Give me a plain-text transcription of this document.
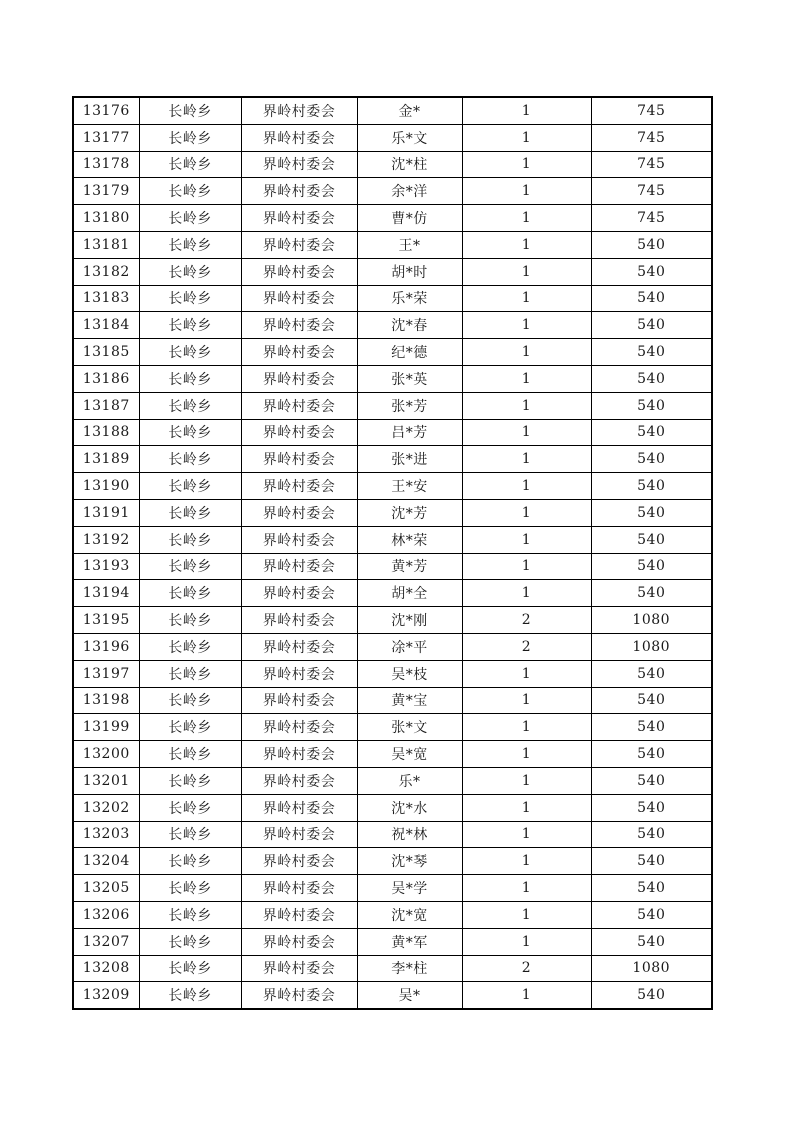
13176	长岭乡	界岭村委会	金*	1	745
13177	长岭乡	界岭村委会	乐*文	1	745
13178	长岭乡	界岭村委会	沈*柱	1	745
13179	长岭乡	界岭村委会	余*洋	1	745
13180	长岭乡	界岭村委会	曹*仿	1	745
13181	长岭乡	界岭村委会	王*	1	540
13182	长岭乡	界岭村委会	胡*时	1	540
13183	长岭乡	界岭村委会	乐*荣	1	540
13184	长岭乡	界岭村委会	沈*春	1	540
13185	长岭乡	界岭村委会	纪*德	1	540
13186	长岭乡	界岭村委会	张*英	1	540
13187	长岭乡	界岭村委会	张*芳	1	540
13188	长岭乡	界岭村委会	吕*芳	1	540
13189	长岭乡	界岭村委会	张*进	1	540
13190	长岭乡	界岭村委会	王*安	1	540
13191	长岭乡	界岭村委会	沈*芳	1	540
13192	长岭乡	界岭村委会	林*荣	1	540
13193	长岭乡	界岭村委会	黄*芳	1	540
13194	长岭乡	界岭村委会	胡*全	1	540
13195	长岭乡	界岭村委会	沈*刚	2	1080
13196	长岭乡	界岭村委会	凃*平	2	1080
13197	长岭乡	界岭村委会	吴*枝	1	540
13198	长岭乡	界岭村委会	黄*宝	1	540
13199	长岭乡	界岭村委会	张*文	1	540
13200	长岭乡	界岭村委会	吴*宽	1	540
13201	长岭乡	界岭村委会	乐*	1	540
13202	长岭乡	界岭村委会	沈*水	1	540
13203	长岭乡	界岭村委会	祝*林	1	540
13204	长岭乡	界岭村委会	沈*琴	1	540
13205	长岭乡	界岭村委会	吴*学	1	540
13206	长岭乡	界岭村委会	沈*宽	1	540
13207	长岭乡	界岭村委会	黄*军	1	540
13208	长岭乡	界岭村委会	李*柱	2	1080
13209	长岭乡	界岭村委会	吴*	1	540
